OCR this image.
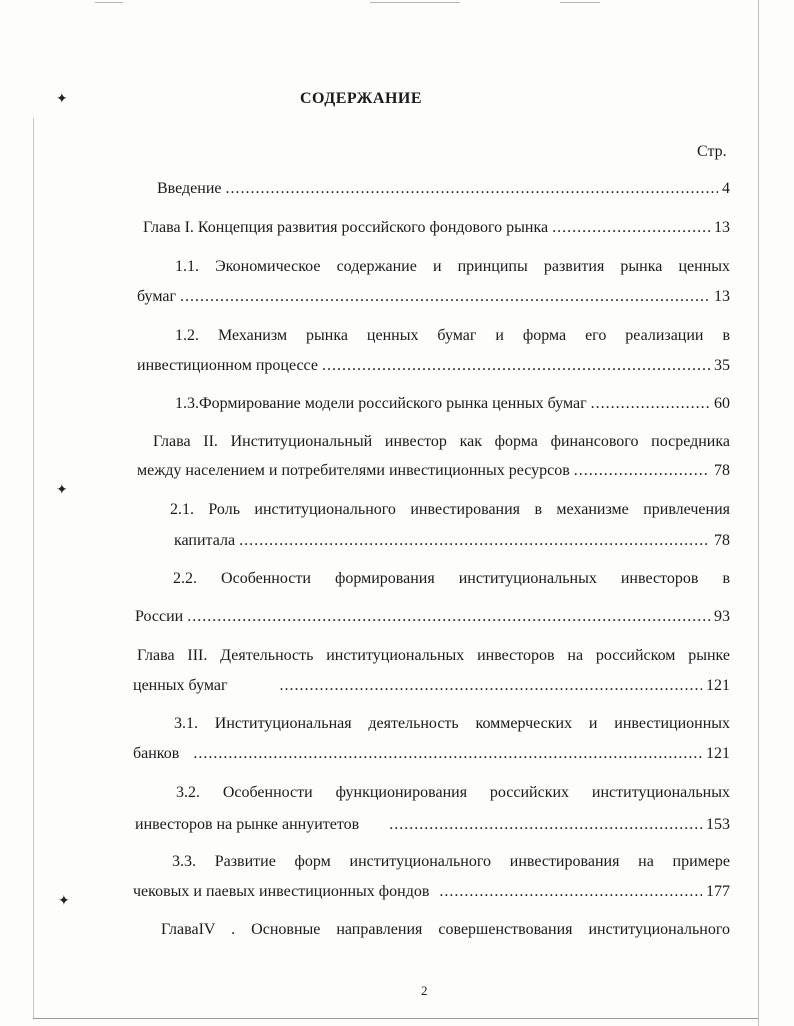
✦
✦
✦
СОДЕРЖАНИЕ
Стр.
Введение .....	4
Глава I. Концепция развития российского фондового рынка .....	13
1.1. Экономическое содержание и принципы развития рынка ценных
бумаг .....	13
1.2. Механизм рынка ценных бумаг и форма его реализации в
инвестиционном процессе .....	35
1.3.Формирование модели российского рынка ценных бумаг .....	60
Глава II. Институциональный инвестор как форма финансового посредника
между населением и потребителями инвестиционных ресурсов .....	78
2.1. Роль институционального инвестирования в механизме привлечения
капитала .....	78
2.2. Особенности формирования институциональных инвесторов в
России .....	93
Глава III. Деятельность институциональных инвесторов на российском рынке
ценных бумаг .....	121
3.1. Институциональная деятельность коммерческих и инвестиционных
банков .....	121
3.2. Особенности функционирования российских институциональных
инвесторов на рынке аннуитетов .....	153
3.3. Развитие форм институционального инвестирования на примере
чековых и паевых инвестиционных фондов .....	177
ГлаваIV . Основные направления совершенствования институционального
2
